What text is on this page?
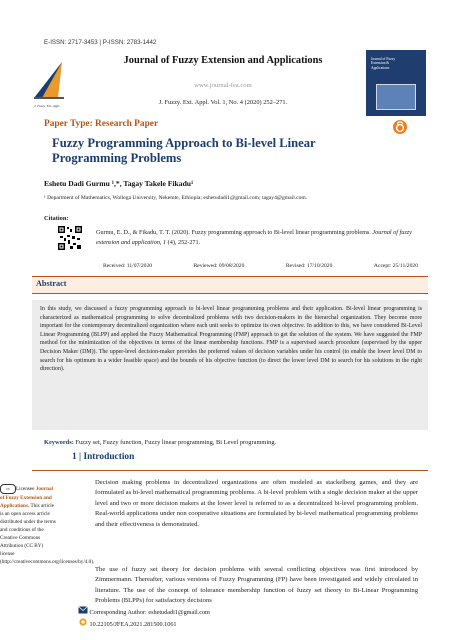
E-ISSN: 2717-3453 | P-ISSN: 2783-1442
J. Fuzzy. Ext. Appl.
Journal of Fuzzy Extension and Applications
www.journal-fea.com
J. Fuzzy. Ext. Appl. Vol. 1, No. 4 (2020) 252–271.
Journal of Fuzzy Extension & Applications
Paper Type: Research Paper
Fuzzy Programming Approach to Bi-level Linear
Programming Problems
Eshetu Dadi Gurmu ¹,*, Tagay Takele Fikadu¹
¹ Department of Mathematics, Wollega University, Nekemte, Ethiopia; eshetudadi1@gmail.com; tagay4@gmail.com.
Citation:
Gurmu, E. D., & Fikadu, T. T. (2020). Fuzzy programming approach to Bi-level linear programming problems. Journal of fuzzy extension and application, 1 (4), 252-271.
Received: 11/07/2020	Reviewed: 09/08/2020	Revised: 17/10/2020	Accept: 25/11/2020
Abstract
In this study, we discussed a fuzzy programming approach to bi-level linear programming problems and their application. Bi-level linear programming is characterized as mathematical programming to solve decentralized problems with two decision-makers in the hierarchal organization. They become more important for the contemporary decentralized organization where each unit seeks to optimize its own objective. In addition to this, we have considered Bi-Level Linear Programming (BLPP) and applied the Fuzzy Mathematical Programming (FMP) approach to get the solution of the system. We have suggested the FMP method for the minimization of the objectives in terms of the linear membership functions. FMP is a supervised search procedure (supervised by the upper Decision Maker (DM)). The upper-level decision-maker provides the preferred values of decision variables under his control (to enable the lower level DM to search for his optimum in a wider feasible space) and the bounds of his objective function (to direct the lower level DM to search for his solutions in the right direction).
Keywords: Fuzzy set, Fuzzy function, Fuzzy linear programming, Bi Level programming.
1 | Introduction
cc Licensee Journal of Fuzzy Extension and Applications. This article is an open access article distributed under the terms and conditions of the Creative Commons Attribution (CC BY) license (http://creativecommons.org/licenses/by/4.0).
Decision making problems in decentralized organizations are often modeled as stackelberg games, and they are formulated as bi-level mathematical programming problems. A bi-level problem with a single decision maker at the upper level and two or more decision makers at the lower level is referred to as a decentralized bi-level programming problem. Real-world applications under non cooperative situations are formulated by bi-level mathematical programming problems and their effectiveness is demonstrated.
The use of fuzzy set theory for decision problems with several conflicting objectives was first introduced by Zimmermann. Thereafter, various versions of Fuzzy Programming (FP) have been investigated and widely circulated in literature. The use of the concept of tolerance membership function of fuzzy set theory to Bi-Linear Programming Problems (BLPPs) for satisfactory decisions
Corresponding Author: eshetudadi1@gmail.com
10.22105/JFEA.2021.281500.1061
